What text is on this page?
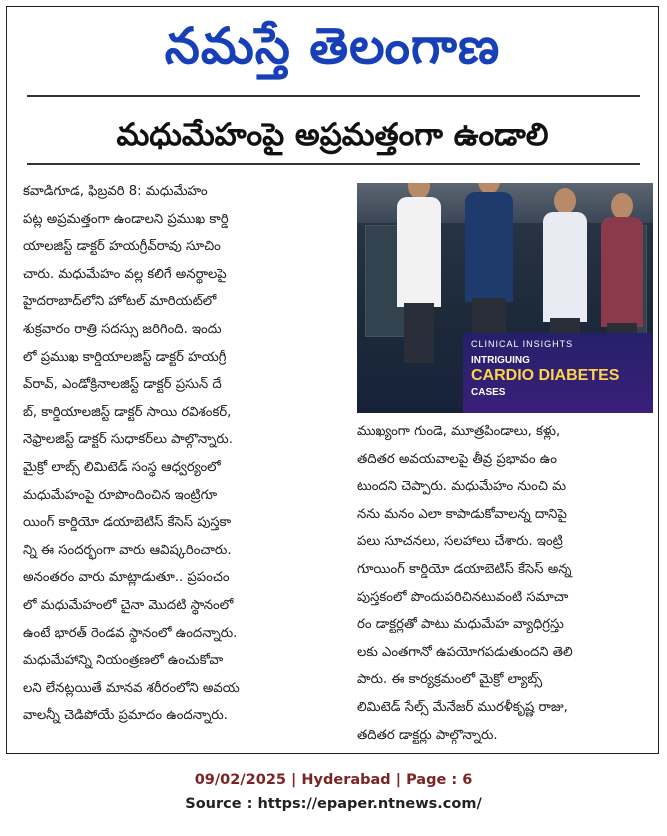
నమస్తే తెలంగాణ
మధుమేహంపై అప్రమత్తంగా ఉండాలి
కవాడిగూడ, ఫిబ్రవరి 8: మధుమేహం
పట్ల అప్రమత్తంగా ఉండాలని ప్రముఖ కార్డి
యాలజిస్ట్ డాక్టర్ హయగ్రీవ్‌రావు సూచిం
చారు. మధుమేహం వల్ల కలిగే అనర్థాలపై
హైదరాబాద్‌లోని హోటల్ మారియట్‌లో
శుక్రవారం రాత్రి సదస్సు జరిగింది. ఇందు
లో ప్రముఖ కార్డియాలజిస్ట్ డాక్టర్ హయగ్రీ
వ్‌రావ్, ఎండోక్రినాలజిస్ట్ డాక్టర్ ప్రసున్ దే
బ్, కార్డియాలజిస్ట్ డాక్టర్ సాయి రవిశంకర్,
నెఫ్రాలజిస్ట్ డాక్టర్ సుధాకర్‌లు పాల్గొన్నారు.
మైక్రో లాబ్స్ లిమిటెడ్ సంస్థ ఆధ్వర్యంలో
మధుమేహంపై రూపొందించిన ఇంట్రిగూ
యింగ్ కార్డియో డయాబెటిస్ కేసెస్ పుస్తకా
న్ని ఈ సందర్భంగా వారు ఆవిష్కరించారు.
అనంతరం వారు మాట్లాడుతూ.. ప్రపంచం
లో మధుమేహంలో చైనా మొదటి స్థానంలో
ఉంటే భారత్ రెండవ స్థానంలో ఉందన్నారు.
మధుమేహాన్ని నియంత్రణలో ఉంచుకోవా
లని లేనట్లయితే మానవ శరీరంలోని అవయ
వాలన్నీ చెడిపోయే ప్రమాదం ఉందన్నారు.
CLINICAL INSIGHTS
INTRIGUING
CARDIO DIABETES
CASES
ముఖ్యంగా గుండె, మూత్రపిండాలు, కళ్లు,
తదితర అవయవాలపై తీవ్ర ప్రభావం ఉం
టుందని చెప్పారు. మధుమేహం నుంచి మ
నను మనం ఎలా కాపాడుకోవాలన్న దానిపై
పలు సూచనలు, సలహాలు చేశారు. ఇంట్రి
గూయింగ్ కార్డియో డయాబెటిస్ కేసెస్ అన్న
పుస్తకంలో పొందుపరిచినటువంటి సమాచా
రం డాక్టర్లతో పాటు మధుమేహ వ్యాధిగ్రస్తు
లకు ఎంతగానో ఉపయోగపడుతుందని తెలి
పారు. ఈ కార్యక్రమంలో మైక్రో ల్యాబ్స్
లిమిటెడ్ సేల్స్ మేనేజర్ మురళీకృష్ణ రాజు,
తదితర డాక్టర్లు పాల్గొన్నారు.
09/02/2025 | Hyderabad | Page : 6
Source : https://epaper.ntnews.com/
